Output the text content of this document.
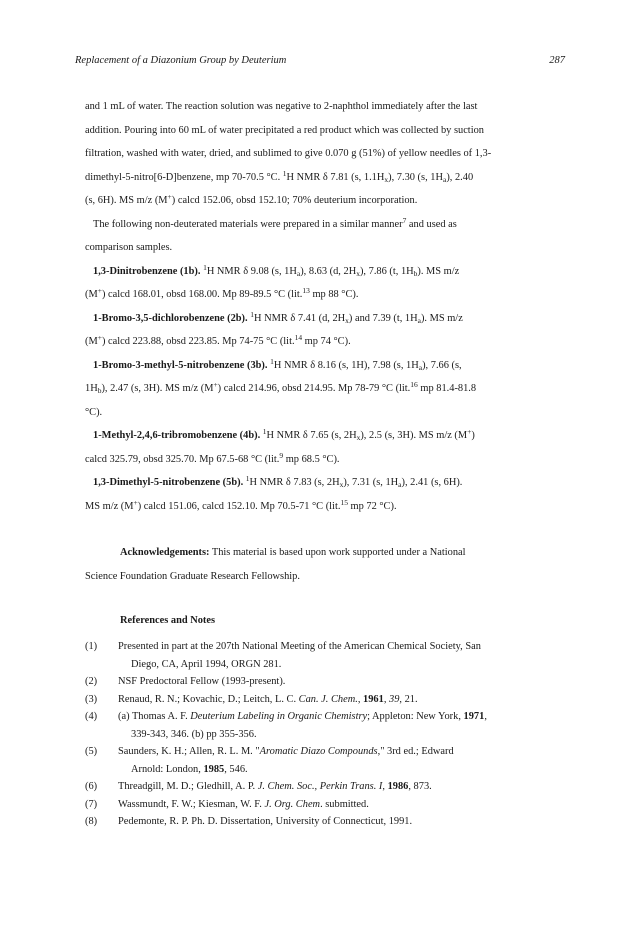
Replacement of a Diazonium Group by Deuterium	287

and 1 mL of water. The reaction solution was negative to 2-naphthol immediately after the last

addition. Pouring into 60 mL of water precipitated a red product which was collected by suction

filtration, washed with water, dried, and sublimed to give 0.070 g (51%) of yellow needles of 1,3-

dimethyl-5-nitro[6-D]benzene, mp 70-70.5 °C. $^1$H NMR δ 7.81 (s, $1.1H_x$), 7.30 (s, $1H_a$), 2.40

(s, 6H). MS m/z (M+) calcd 152.06, obsd 152.10; 70% deuterium incorporation.

The following non-deuterated materials were prepared in a similar manner$^7$ and used as

comparison samples.

1,3-Dinitrobenzene (1b). $^1$H NMR δ 9.08 (s, $1H_a$), 8.63 (d, $2H_x$), 7.86 (t, $1H_b$). MS m/z

(M+) calcd 168.01, obsd 168.00. Mp 89-89.5 °C (lit.$^{13}$ mp 88 °C).

1-Bromo-3,5-dichlorobenzene (2b). $^1$H NMR δ 7.41 (d, $2H_x$) and 7.39 (t, $1H_a$). MS m/z

(M+) calcd 223.88, obsd 223.85. Mp 74-75 °C (lit.$^{14}$ mp 74 °C).

1-Bromo-3-methyl-5-nitrobenzene (3b). $^1$H NMR δ 8.16 (s, 1H), 7.98 (s, $1H_a$), 7.66 (s,

$1H_b$), 2.47 (s, 3H). MS m/z (M+) calcd 214.96, obsd 214.95. Mp 78-79 °C (lit.$^{16}$ mp 81.4-81.8

°C).

1-Methyl-2,4,6-tribromobenzene (4b). $^1$H NMR δ 7.65 (s, $2H_x$), 2.5 (s, 3H). MS m/z (M+)

calcd 325.79, obsd 325.70. Mp 67.5-68 °C (lit.$^9$ mp 68.5 °C).

1,3-Dimethyl-5-nitrobenzene (5b). $^1$H NMR δ 7.83 (s, $2H_x$), 7.31 (s, $1H_a$), 2.41 (s, 6H).

MS m/z (M+) calcd 151.06, calcd 152.10. Mp 70.5-71 °C (lit.$^{15}$ mp 72 °C).

Acknowledgements: This material is based upon work supported under a National

Science Foundation Graduate Research Fellowship.

References and Notes
(1) Presented in part at the 207th National Meeting of the American Chemical Society, San
Diego, CA, April 1994, ORGN 281.
(2) NSF Predoctoral Fellow (1993-present).
(3) Renaud, R. N.; Kovachic, D.; Leitch, L. C. Can. J. Chem., 1961, 39, 21.
(4) (a) Thomas A. F. Deuterium Labeling in Organic Chemistry; Appleton: New York, 1971,
339-343, 346. (b) pp 355-356.
(5) Saunders, K. H.; Allen, R. L. M. "Aromatic Diazo Compounds," 3rd ed.; Edward
Arnold: London, 1985, 546.
(6) Threadgill, M. D.; Gledhill, A. P. J. Chem. Soc., Perkin Trans. I, 1986, 873.
(7) Wassmundt, F. W.; Kiesman, W. F. J. Org. Chem. submitted.
(8) Pedemonte, R. P. Ph. D. Dissertation, University of Connecticut, 1991.
